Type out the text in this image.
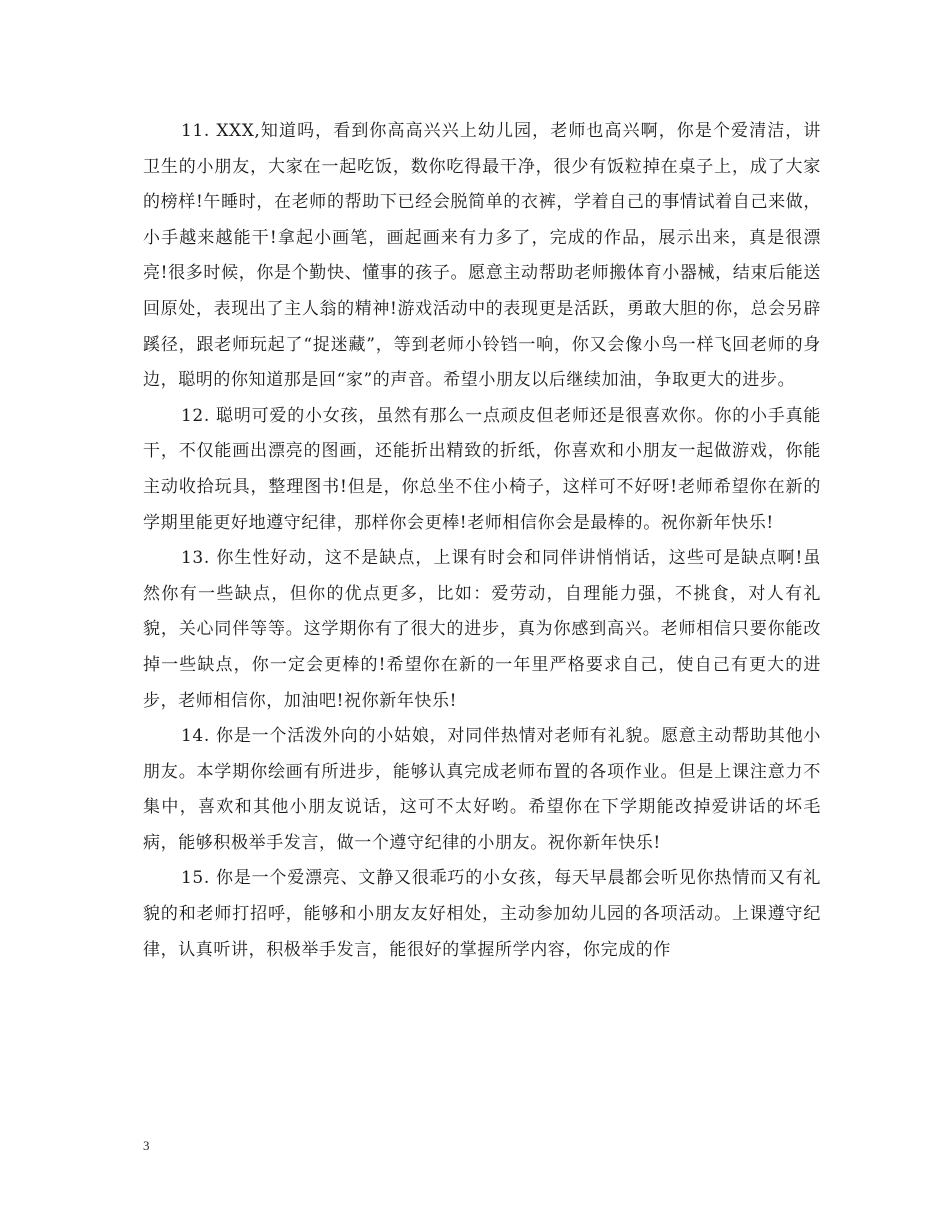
11. XXX,知道吗，看到你高高兴兴上幼儿园，老师也高兴啊，你是个爱清洁，讲卫生的小朋友，大家在一起吃饭，数你吃得最干净，很少有饭粒掉在桌子上，成了大家的榜样!午睡时，在老师的帮助下已经会脱简单的衣裤，学着自己的事情试着自己来做，小手越来越能干!拿起小画笔，画起画来有力多了，完成的作品，展示出来，真是很漂亮!很多时候，你是个勤快、懂事的孩子。愿意主动帮助老师搬体育小器械，结束后能送回原处，表现出了主人翁的精神!游戏活动中的表现更是活跃，勇敢大胆的你，总会另辟蹊径，跟老师玩起了“捉迷藏”，等到老师小铃铛一响，你又会像小鸟一样飞回老师的身边，聪明的你知道那是回“家”的声音。希望小朋友以后继续加油，争取更大的进步。

12. 聪明可爱的小女孩，虽然有那么一点顽皮但老师还是很喜欢你。你的小手真能干，不仅能画出漂亮的图画，还能折出精致的折纸，你喜欢和小朋友一起做游戏，你能主动收拾玩具，整理图书!但是，你总坐不住小椅子，这样可不好呀!老师希望你在新的学期里能更好地遵守纪律，那样你会更棒!老师相信你会是最棒的。祝你新年快乐!

13. 你生性好动，这不是缺点，上课有时会和同伴讲悄悄话，这些可是缺点啊!虽然你有一些缺点，但你的优点更多，比如：爱劳动，自理能力强，不挑食，对人有礼貌，关心同伴等等。这学期你有了很大的进步，真为你感到高兴。老师相信只要你能改掉一些缺点，你一定会更棒的!希望你在新的一年里严格要求自己，使自己有更大的进步，老师相信你，加油吧!祝你新年快乐!

14. 你是一个活泼外向的小姑娘，对同伴热情对老师有礼貌。愿意主动帮助其他小朋友。本学期你绘画有所进步，能够认真完成老师布置的各项作业。但是上课注意力不集中，喜欢和其他小朋友说话，这可不太好哟。希望你在下学期能改掉爱讲话的坏毛病，能够积极举手发言，做一个遵守纪律的小朋友。祝你新年快乐!

15. 你是一个爱漂亮、文静又很乖巧的小女孩，每天早晨都会听见你热情而又有礼貌的和老师打招呼，能够和小朋友友好相处，主动参加幼儿园的各项活动。上课遵守纪律，认真听讲，积极举手发言，能很好的掌握所学内容，你完成的作

3
